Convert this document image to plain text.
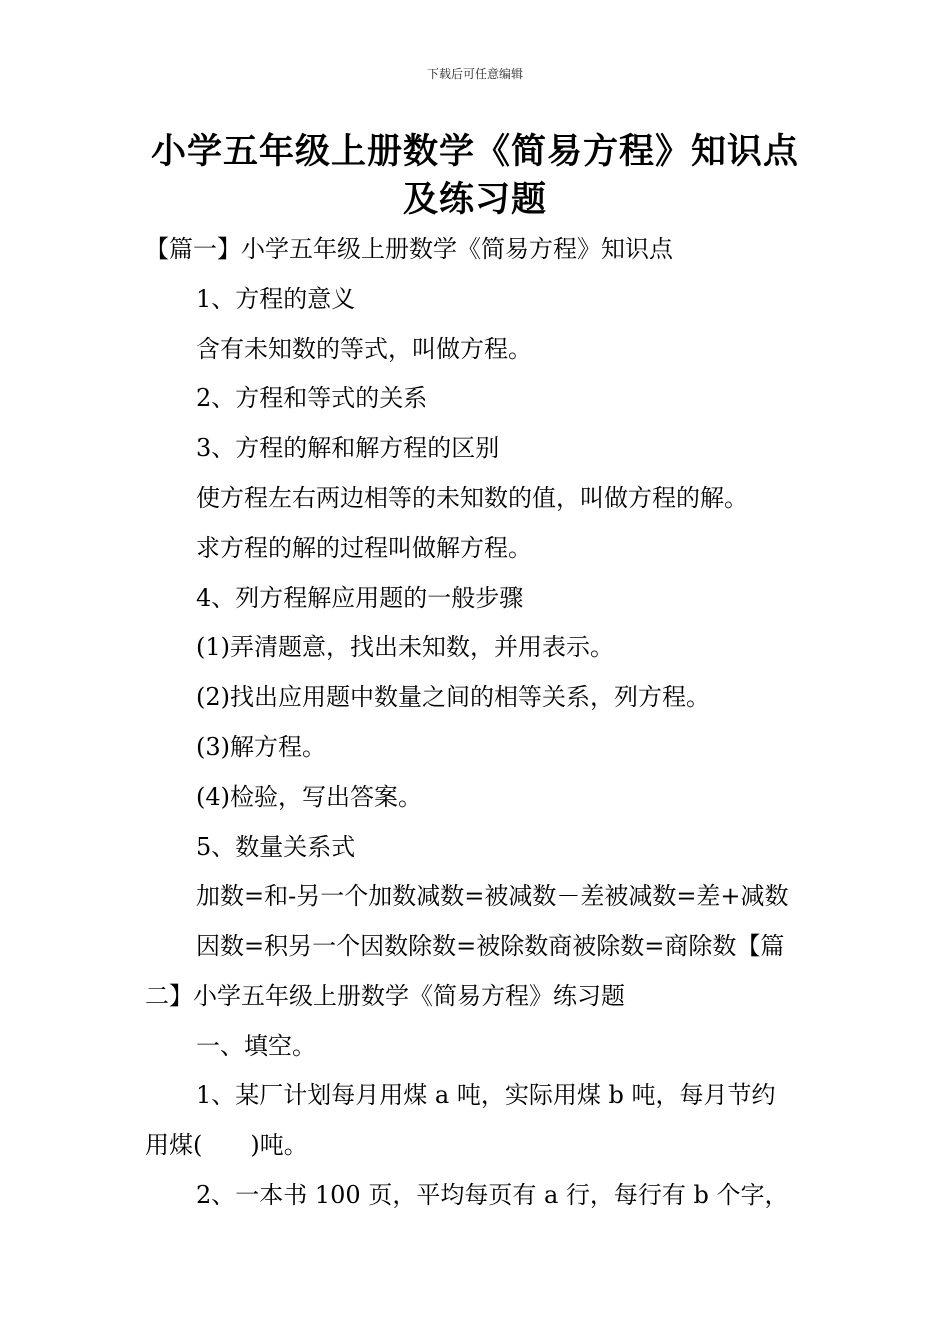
下载后可任意编辑
小学五年级上册数学《简易方程》知识点
及练习题
【篇一】小学五年级上册数学《简易方程》知识点
1、方程的意义
含有未知数的等式，叫做方程。
2、方程和等式的关系
3、方程的解和解方程的区别
使方程左右两边相等的未知数的值，叫做方程的解。
求方程的解的过程叫做解方程。
4、列方程解应用题的一般步骤
(1)弄清题意，找出未知数，并用表示。
(2)找出应用题中数量之间的相等关系，列方程。
(3)解方程。
(4)检验，写出答案。
5、数量关系式
加数=和-另一个加数减数=被减数－差被减数=差+减数
因数=积另一个因数除数=被除数商被除数=商除数【篇
二】小学五年级上册数学《简易方程》练习题
一、填空。
1、某厂计划每月用煤 a 吨，实际用煤 b 吨，每月节约
用煤(　　)吨。
2、一本书 100 页，平均每页有 a 行，每行有 b 个字，
